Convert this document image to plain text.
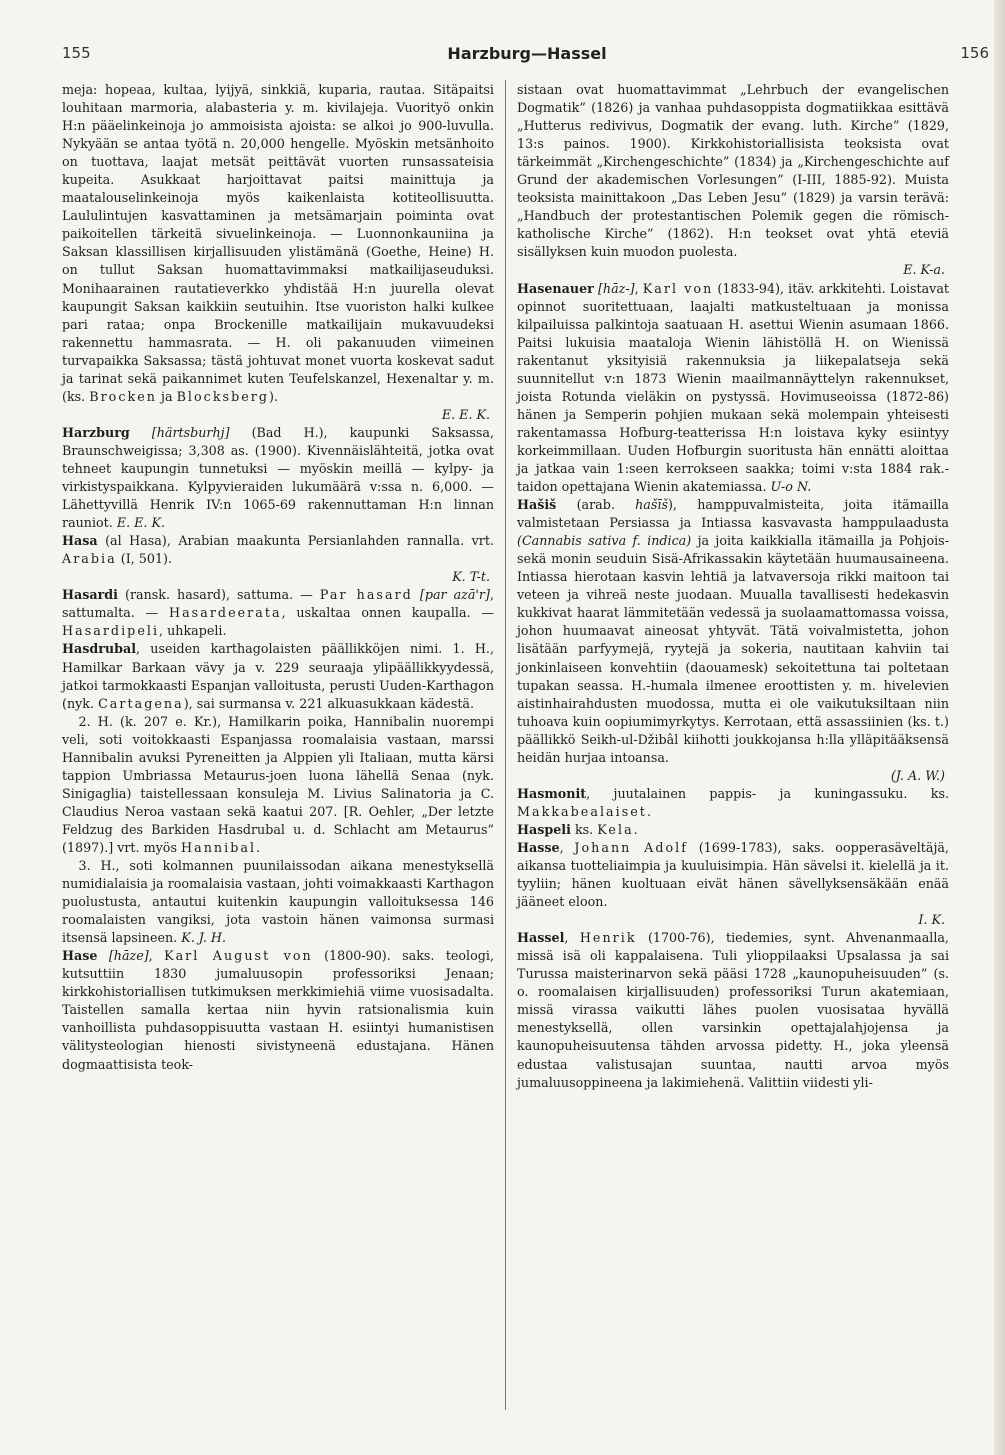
155	Harzburg—Hassel	156

meja: hopeaa, kultaa, lyijyä, sinkkiä, kuparia, rautaa. Sitäpaitsi louhitaan marmoria, alabasteria y. m. kivilajeja. Vuorityö onkin H:n pääelinkeinoja jo ammoisista ajoista: se alkoi jo 900-luvulla. Nykyään se antaa työtä n. 20,000 hengelle. Myöskin metsänhoito on tuottava, laajat metsät peittävät vuorten runsassateisia kupeita. Asukkaat harjoittavat paitsi mainittuja ja maatalouselinkeinoja myös kaikenlaista kotiteollisuutta. Laululintujen kasvattaminen ja metsämarjain poiminta ovat paikoitellen tärkeitä sivuelinkeinoja. — Luonnonkauniina ja Saksan klassillisen kirjallisuuden ylistämänä (Goethe, Heine) H. on tullut Saksan huomattavimmaksi matkailijaseuduksi. Monihaarainen rautatieverkko yhdistää H:n juurella olevat kaupungit Saksan kaikkiin seutuihin. Itse vuoriston halki kulkee pari rataa; onpa Brockenille matkailijain mukavuudeksi rakennettu hammasrata. — H. oli pakanuuden viimeinen turvapaikka Saksassa; tästä johtuvat monet vuorta koskevat sadut ja tarinat sekä paikannimet kuten Teufelskanzel, Hexenaltar y. m. (ks. Brocken ja Blocksberg).

E. E. K.

Harzburg [härtsburhj] (Bad H.), kaupunki Saksassa, Braunschweigissa; 3,308 as. (1900). Kivennäislähteitä, jotka ovat tehneet kaupungin tunnetuksi — myöskin meillä — kylpy- ja virkistyspaikkana. Kylpyvieraiden lukumäärä v:ssa n. 6,000. — Lähettyvillä Henrik IV:n 1065-69 rakennuttaman H:n linnan rauniot. E. E. K.

Hasa (al Hasa), Arabian maakunta Persianlahden rannalla. vrt. Arabia (I, 501).

K. T-t.

Hasardi (ransk. hasard), sattuma. — Par hasard [par azā'r], sattumalta. — Hasardeerata, uskaltaa onnen kaupalla. — Hasardipeli, uhkapeli.

Hasdrubal, useiden karthagolaisten päällikköjen nimi. 1. H., Hamilkar Barkaan vävy ja v. 229 seuraaja ylipäällikkyydessä, jatkoi tarmokkaasti Espanjan valloitusta, perusti Uuden-Karthagon (nyk. Cartagena), sai surmansa v. 221 alkuasukkaan kädestä.

2. H. (k. 207 e. Kr.), Hamilkarin poika, Hannibalin nuorempi veli, soti voitokkaasti Espanjassa roomalaisia vastaan, marssi Hannibalin avuksi Pyreneitten ja Alppien yli Italiaan, mutta kärsi tappion Umbriassa Metaurus-joen luona lähellä Senaa (nyk. Sinigaglia) taistellessaan konsuleja M. Livius Salinatoria ja C. Claudius Neroa vastaan sekä kaatui 207. [R. Oehler, „Der letzte Feldzug des Barkiden Hasdrubal u. d. Schlacht am Metaurus” (1897).] vrt. myös Hannibal.

3. H., soti kolmannen puunilaissodan aikana menestyksellä numidialaisia ja roomalaisia vastaan, johti voimakkaasti Karthagon puolustusta, antautui kuitenkin kaupungin valloituksessa 146 roomalaisten vangiksi, jota vastoin hänen vaimonsa surmasi itsensä lapsineen. K. J. H.

Hase [hāze], Karl August von (1800-90). saks. teologi, kutsuttiin 1830 jumaluusopin professoriksi Jenaan; kirkkohistoriallisen tutkimuksen merkkimiehiä viime vuosisadalta. Taistellen samalla kertaa niin hyvin ratsionalismia kuin vanhoillista puhdasoppisuutta vastaan H. esiintyi humanistisen välitysteologian hienosti sivistyneenä edustajana. Hänen dogmaattisista teok-

sistaan ovat huomattavimmat „Lehrbuch der evangelischen Dogmatik” (1826) ja vanhaa puhdasoppista dogmatiikkaa esittävä „Hutterus redivivus, Dogmatik der evang. luth. Kirche” (1829, 13:s painos. 1900). Kirkkohistoriallisista teoksista ovat tärkeimmät „Kirchengeschichte” (1834) ja „Kirchengeschichte auf Grund der akademischen Vorlesungen” (I-III, 1885-92). Muista teoksista mainittakoon „Das Leben Jesu” (1829) ja varsin terävä: „Handbuch der protestantischen Polemik gegen die römisch-katholische Kirche” (1862). H:n teokset ovat yhtä eteviä sisällyksen kuin muodon puolesta.

E. K-a.

Hasenauer [hāz-], Karl von (1833-94), itäv. arkkitehti. Loistavat opinnot suoritettuaan, laajalti matkusteltuaan ja monissa kilpailuissa palkintoja saatuaan H. asettui Wienin asumaan 1866. Paitsi lukuisia maataloja Wienin lähistöllä H. on Wienissä rakentanut yksityisiä rakennuksia ja liikepalatseja sekä suunnitellut v:n 1873 Wienin maailmannäyttelyn rakennukset, joista Rotunda vieläkin on pystyssä. Hovimuseoissa (1872-86) hänen ja Semperin pohjien mukaan sekä molempain yhteisesti rakentamassa Hofburg-teatterissa H:n loistava kyky esiintyy korkeimmillaan. Uuden Hofburgin suoritusta hän ennätti aloittaa ja jatkaa vain 1:seen kerrokseen saakka; toimi v:sta 1884 rak.-taidon opettajana Wienin akatemiassa. U-o N.

Hašiš (arab. hašīš), hamppuvalmisteita, joita itämailla valmistetaan Persiassa ja Intiassa kasvavasta hamppulaadusta (Cannabis sativa f. indica) ja joita kaikkialla itämailla ja Pohjois- sekä monin seuduin Sisä-Afrikassakin käytetään huumausaineena. Intiassa hierotaan kasvin lehtiä ja latvaversoja rikki maitoon tai veteen ja vihreä neste juodaan. Muualla tavallisesti hedekasvin kukkivat haarat lämmitetään vedessä ja suolaamattomassa voissa, johon huumaavat aineosat yhtyvät. Tätä voivalmistetta, johon lisätään parfyymejä, ryytejä ja sokeria, nautitaan kahviin tai jonkinlaiseen konvehtiin (daouamesk) sekoitettuna tai poltetaan tupakan seassa. H.-humala ilmenee eroottisten y. m. hivelevien aistinhairahdusten muodossa, mutta ei ole vaikutuksiltaan niin tuhoava kuin oopiumimyrkytys. Kerrotaan, että assassiinien (ks. t.) päällikkö Seikh-ul-Džibâl kiihotti joukkojansa h:lla ylläpitääksensä heidän hurjaa intoansa.

(J. A. W.)

Hasmonit, juutalainen pappis- ja kuningassuku. ks. Makkabealaiset.

Haspeli ks. Kela.

Hasse, Johann Adolf (1699-1783), saks. oopperasäveltäjä, aikansa tuotteliaimpia ja kuuluisimpia. Hän sävelsi it. kielellä ja it. tyyliin; hänen kuoltuaan eivät hänen sävellyksensäkään enää jääneet eloon.

I. K.

Hassel, Henrik (1700-76), tiedemies, synt. Ahvenanmaalla, missä isä oli kappalaisena. Tuli ylioppilaaksi Upsalassa ja sai Turussa maisterinarvon sekä pääsi 1728 „kaunopuheisuuden” (s. o. roomalaisen kirjallisuuden) professoriksi Turun akatemiaan, missä virassa vaikutti lähes puolen vuosisataa hyvällä menestyksellä, ollen varsinkin opettajalahjojensa ja kaunopuheisuutensa tähden arvossa pidetty. H., joka yleensä edustaa valistusajan suuntaa, nautti arvoa myös jumaluusoppineena ja lakimiehenä. Valittiin viidesti yli-
